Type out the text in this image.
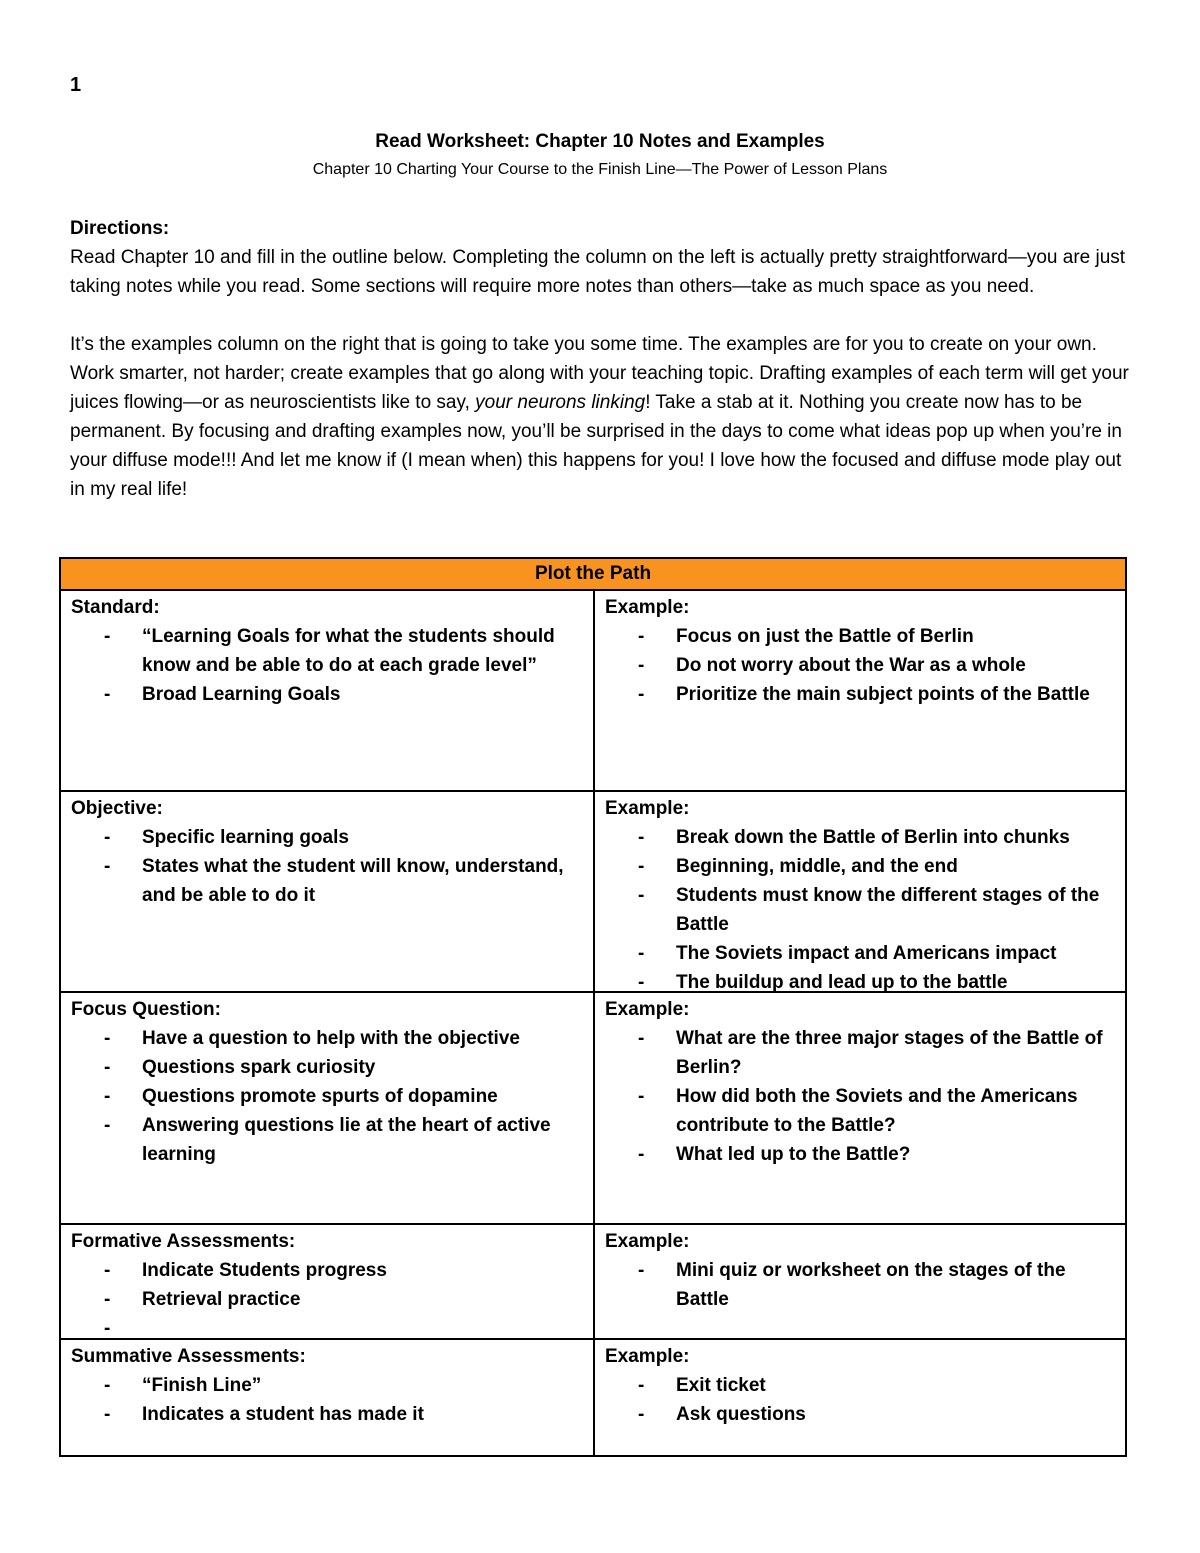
1
Read Worksheet: Chapter 10 Notes and Examples
Chapter 10 Charting Your Course to the Finish Line—The Power of Lesson Plans
Directions:

Read Chapter 10 and fill in the outline below. Completing the column on the left is actually pretty straightforward—you are just taking notes while you read. Some sections will require more notes than others—take as much space as you need.

It’s the examples column on the right that is going to take you some time. The examples are for you to create on your own. Work smarter, not harder; create examples that go along with your teaching topic. Drafting examples of each term will get your juices flowing—or as neuroscientists like to say, your neurons linking! Take a stab at it. Nothing you create now has to be permanent. By focusing and drafting examples now, you’ll be surprised in the days to come what ideas pop up when you’re in your diffuse mode!!! And let me know if (I mean when) this happens for you! I love how the focused and diffuse mode play out in my real life!

Plot the Path
Standard:
- “Learning Goals for what the students should know and be able to do at each grade level”
- Broad Learning Goals
Example:
- Focus on just the Battle of Berlin
- Do not worry about the War as a whole
- Prioritize the main subject points of the Battle
Objective:
- Specific learning goals
- States what the student will know, understand, and be able to do it
Example:
- Break down the Battle of Berlin into chunks
- Beginning, middle, and the end
- Students must know the different stages of the Battle
- The Soviets impact and Americans impact
- The buildup and lead up to the battle
Focus Question:
- Have a question to help with the objective
- Questions spark curiosity
- Questions promote spurts of dopamine
- Answering questions lie at the heart of active learning
Example:
- What are the three major stages of the Battle of Berlin?
- How did both the Soviets and the Americans contribute to the Battle?
- What led up to the Battle?
Formative Assessments:
- Indicate Students progress
- Retrieval practice
-
Example:
- Mini quiz or worksheet on the stages of the Battle
Summative Assessments:
- “Finish Line”
- Indicates a student has made it
Example:
- Exit ticket
- Ask questions
